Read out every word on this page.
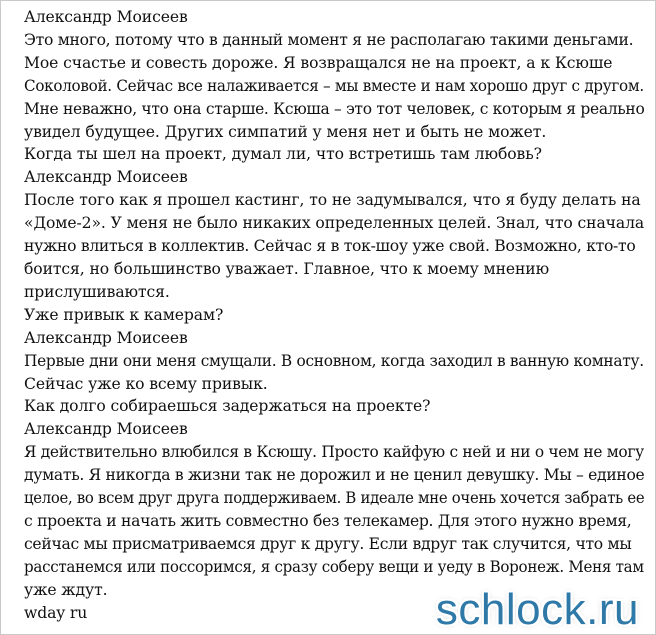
Александр Моисеев
Это много, потому что в данный момент я не располагаю такими деньгами.
Мое счастье и совесть дороже. Я возвращался не на проект, а к Ксюше
Соколовой. Сейчас все налаживается – мы вместе и нам хорошо друг с другом.
Мне неважно, что она старше. Ксюша – это тот человек, с которым я реально
увидел будущее. Других симпатий у меня нет и быть не может.
Когда ты шел на проект, думал ли, что встретишь там любовь?
Александр Моисеев
После того как я прошел кастинг, то не задумывался, что я буду делать на
«Доме-2». У меня не было никаких определенных целей. Знал, что сначала
нужно влиться в коллектив. Сейчас я в ток-шоу уже свой. Возможно, кто-то
боится, но большинство уважает. Главное, что к моему мнению
прислушиваются.
Уже привык к камерам?
Александр Моисеев
Первые дни они меня смущали. В основном, когда заходил в ванную комнату.
Сейчас уже ко всему привык.
Как долго собираешься задержаться на проекте?
Александр Моисеев
Я действительно влюбился в Ксюшу. Просто кайфую с ней и ни о чем не могу
думать. Я никогда в жизни так не дорожил и не ценил девушку. Мы – единое
целое, во всем друг друга поддерживаем. В идеале мне очень хочется забрать ее
с проекта и начать жить совместно без телекамер. Для этого нужно время,
сейчас мы присматриваемся друг к другу. Если вдруг так случится, что мы
расстанемся или поссоримся, я сразу соберу вещи и уеду в Воронеж. Меня там
уже ждут.
wday ru	schlock.ru
